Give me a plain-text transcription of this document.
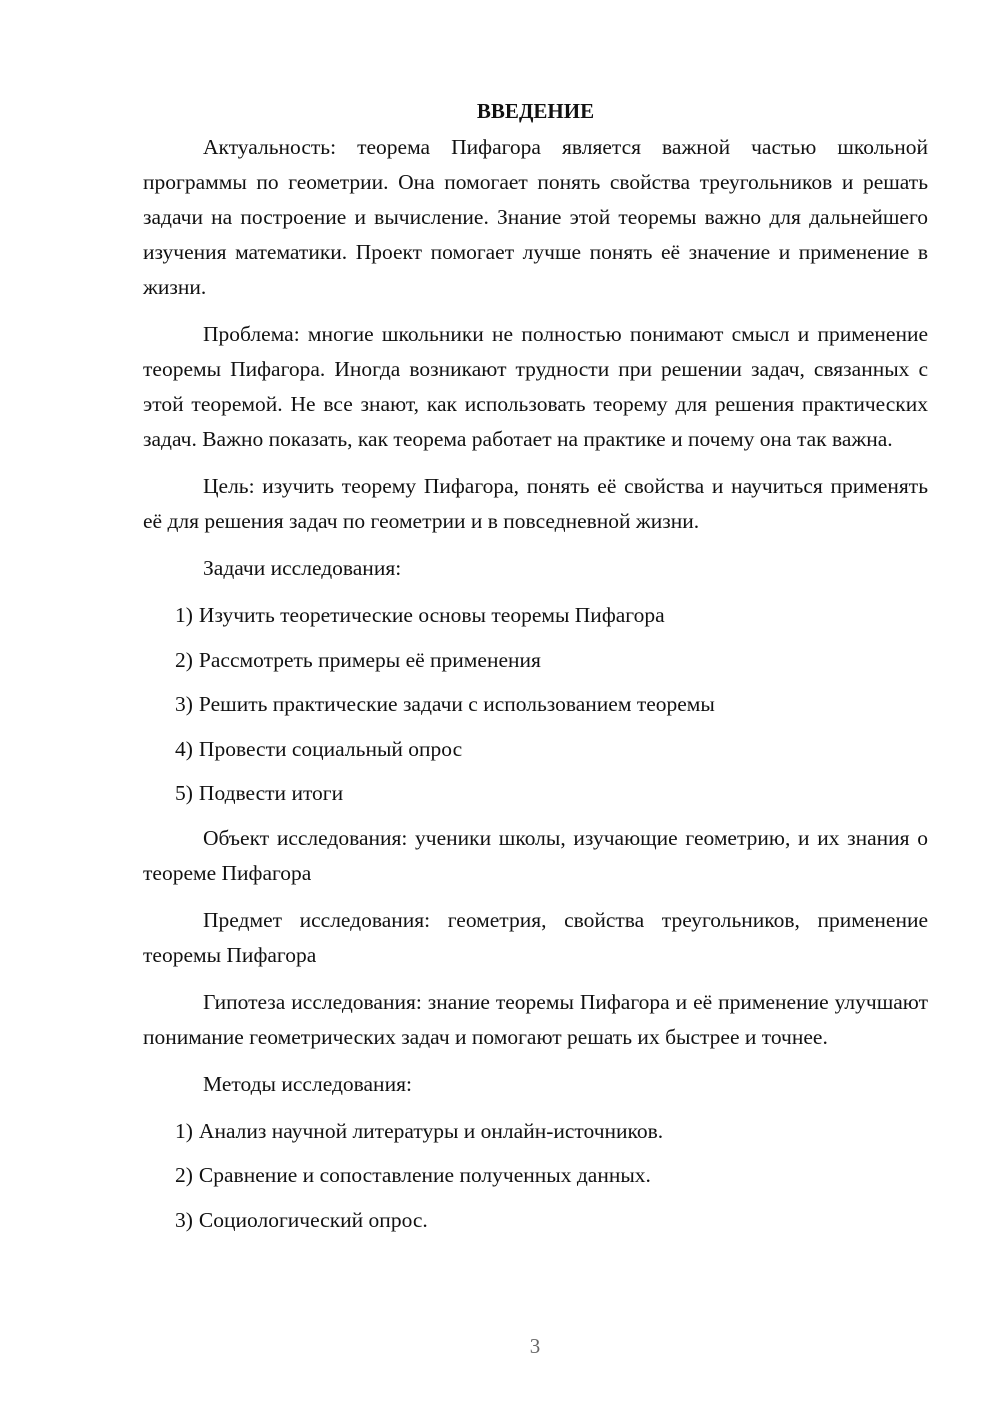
ВВЕДЕНИЕ

Актуальность: теорема Пифагора является важной частью школьной программы по геометрии. Она помогает понять свойства треугольников и решать задачи на построение и вычисление. Знание этой теоремы важно для дальнейшего изучения математики. Проект помогает лучше понять её значение и применение в жизни.

Проблема: многие школьники не полностью понимают смысл и применение теоремы Пифагора. Иногда возникают трудности при решении задач, связанных с этой теоремой. Не все знают, как использовать теорему для решения практических задач. Важно показать, как теорема работает на практике и почему она так важна.

Цель: изучить теорему Пифагора, понять её свойства и научиться применять её для решения задач по геометрии и в повседневной жизни.

Задачи исследования:

1) Изучить теоретические основы теоремы Пифагора
2) Рассмотреть примеры её применения
3) Решить практические задачи с использованием теоремы
4) Провести социальный опрос
5) Подвести итоги

Объект исследования: ученики школы, изучающие геометрию, и их знания о теореме Пифагора

Предмет исследования: геометрия, свойства треугольников, применение теоремы Пифагора

Гипотеза исследования: знание теоремы Пифагора и её применение улучшают понимание геометрических задач и помогают решать их быстрее и точнее.

Методы исследования:

1) Анализ научной литературы и онлайн-источников.
2) Сравнение и сопоставление полученных данных.
3) Социологический опрос.
3
